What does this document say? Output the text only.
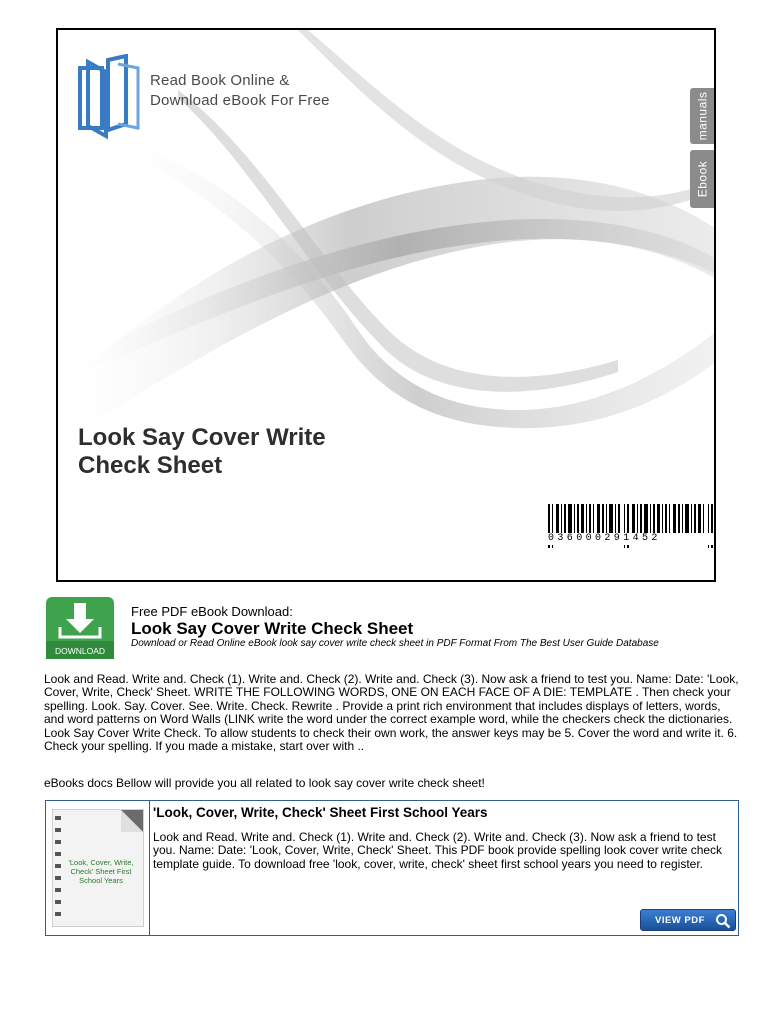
Read Book Online &
Download eBook For Free	manuals
Ebook
Look Say Cover Write
Check Sheet
036000291452
DOWNLOAD
Free PDF eBook Download:
Look Say Cover Write Check Sheet
Download or Read Online eBook look say cover write check sheet in PDF Format From The Best User Guide Database
Look and Read. Write and. Check (1). Write and. Check (2). Write and. Check (3). Now ask a friend to test you. Name: Date: 'Look, Cover, Write, Check' Sheet. WRITE THE FOLLOWING WORDS, ONE ON EACH FACE OF A DIE: TEMPLATE . Then check your spelling. Look. Say. Cover. See. Write. Check. Rewrite . Provide a print rich environment that includes displays of letters, words, and word patterns on Word Walls (LINK write the word under the correct example word, while the checkers check the dictionaries. Look Say Cover Write Check. To allow students to check their own work, the answer keys may be 5. Cover the word and write it. 6. Check your spelling. If you made a mistake, start over with ..
eBooks docs Bellow will provide you all related to look say cover write check sheet!
'Look, Cover, Write, Check' Sheet First School Years
'Look, Cover, Write, Check' Sheet First School Years
Look and Read. Write and. Check (1). Write and. Check (2). Write and. Check (3). Now ask a friend to test you. Name: Date: 'Look, Cover, Write, Check' Sheet. This PDF book provide spelling look cover write check template guide. To download free 'look, cover, write, check' sheet first school years you need to register.
VIEW PDF
